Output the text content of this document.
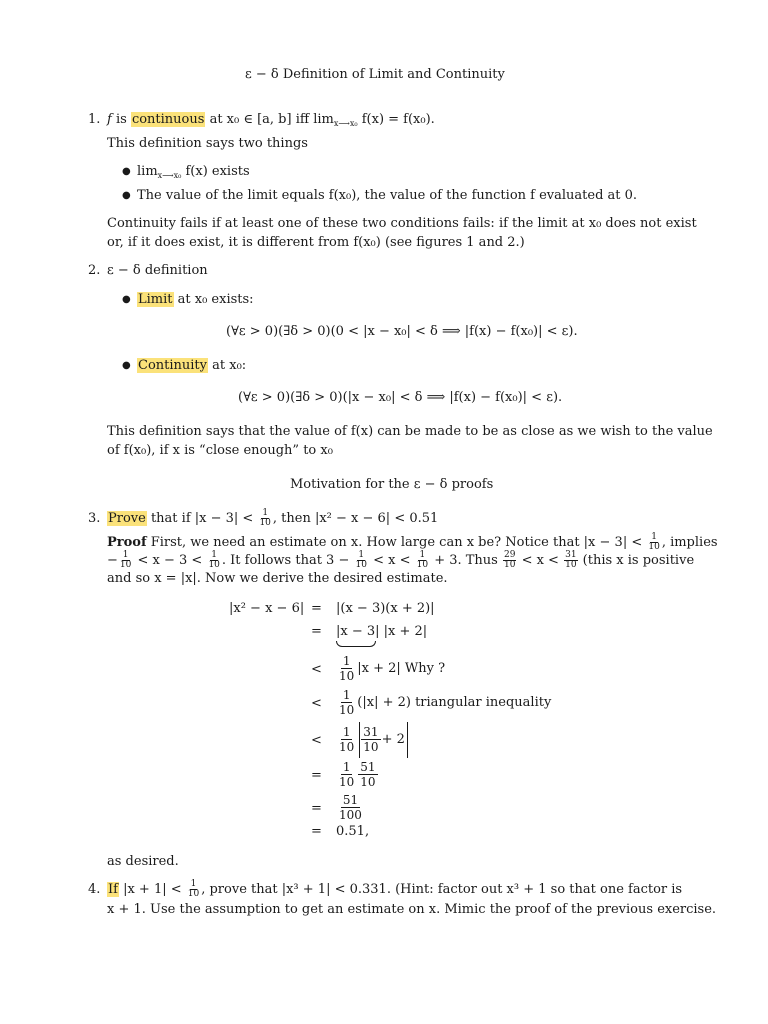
ε − δ Definition of Limit and Continuity
1. f is continuous at x₀ ∈ [a, b] iff $\lim_{x⟶x_0} f(x) = f(x_0)$.
This definition says two things
● $\lim_{x⟶x_0} f(x)$ exists
● The value of the limit equals f(x₀), the value of the function f evaluated at 0.
Continuity fails if at least one of these two conditions fails: if the limit at x₀ does not exist
or, if it does exist, it is different from f(x₀) (see figures 1 and 2.)
2. ε − δ definition
● Limit at x₀ exists:
(∀ε > 0)(∃δ > 0)(0 < |x − x₀| < δ ⟹ |f(x) − f(x₀)| < ε).
● Continuity at x₀:
(∀ε > 0)(∃δ > 0)(|x − x₀| < δ ⟹ |f(x) − f(x₀)| < ε).
This definition says that the value of f(x) can be made to be as close as we wish to the value
of f(x₀), if x is “close enough” to x₀
Motivation for the ε − δ proofs
3. Prove that if $|x - 3| < \frac{1}{10}$ , then |x² − x − 6| < 0.51
Proof First, we need an estimate on x. How large can x be? Notice that $|x - 3| < \frac{1}{10}$ , implies
− $\frac{1}{10} < x - 3 < \frac{1}{10}$ . It follows that $3 - \frac{1}{10} < x < \frac{1}{10} + 3$. Thus $\frac{29}{10} < x < \frac{31}{10}$ (this x is positive
and so x = |x|. Now we derive the desired estimate.
|x² − x − 6| = |(x − 3)(x + 2)|
= |x − 3| |x + 2|
< $\frac{1}{10} |x + 2|$ Why ?
< $\frac{1}{10} (|x| + 2)$ triangular inequality
< $\frac{1}{10} \frac{31}{10} + 2$
= $\frac{1}{10} \frac{51}{10}$
= $\frac{51}{100}$
= 0.51,
as desired.
4. If $|x + 1| < \frac{1}{10}$ , prove that |x³ + 1| < 0.331. (Hint: factor out x³ + 1 so that one factor is
x + 1. Use the assumption to get an estimate on x. Mimic the proof of the previous exercise.
